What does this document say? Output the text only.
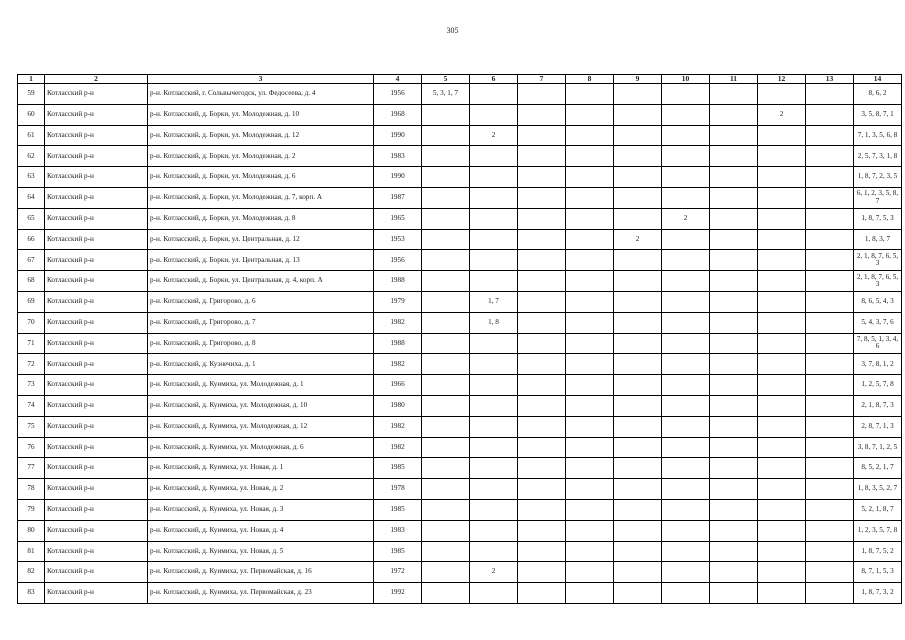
305
1	2	3	4	5	6	7	8	9	10	11	12	13	14
59	Котласский р-н	р-н. Котласский, г. Сольвычегодск, ул. Федосеева, д. 4	1956	5, 3, 1, 7									8, 6, 2
60	Котласский р-н	р-н. Котласский, д. Борки, ул. Молодежная, д. 10	1968								2		3, 5, 8, 7, 1
61	Котласский р-н	р-н. Котласский, д. Борки, ул. Молодежная, д. 12	1990		2								7, 1, 3, 5, 6, 8
62	Котласский р-н	р-н. Котласский, д. Борки, ул. Молодежная, д. 2	1983										2, 5, 7, 3, 1, 8
63	Котласский р-н	р-н. Котласский, д. Борки, ул. Молодежная, д. 6	1990										1, 8, 7, 2, 3, 5
64	Котласский р-н	р-н. Котласский, д. Борки, ул. Молодежная, д. 7, корп. А	1987										6, 1, 2, 3, 5, 8, 7
65	Котласский р-н	р-н. Котласский, д. Борки, ул. Молодежная, д. 8	1965						2				1, 8, 7, 5, 3
66	Котласский р-н	р-н. Котласский, д. Борки, ул. Центральная, д. 12	1953					2					1, 8, 3, 7
67	Котласский р-н	р-н. Котласский, д. Борки, ул. Центральная, д. 13	1956										2, 1, 8, 7, 6, 5, 3
68	Котласский р-н	р-н. Котласский, д. Борки, ул. Центральная, д. 4, корп. А	1988										2, 1, 8, 7, 6, 5, 3
69	Котласский р-н	р-н. Котласский, д. Григорово, д. 6	1979		1, 7								8, 6, 5, 4, 3
70	Котласский р-н	р-н. Котласский, д. Григорово, д. 7	1982		1, 8								5, 4, 3, 7, 6
71	Котласский р-н	р-н. Котласский, д. Григорово, д. 8	1988										7, 8, 5, 1, 3, 4, 6
72	Котласский р-н	р-н. Котласский, д. Кузнечиха, д. 1	1982										3, 7, 8, 1, 2
73	Котласский р-н	р-н. Котласский, д. Куимиха, ул. Молодежная, д. 1	1966										1, 2, 5, 7, 8
74	Котласский р-н	р-н. Котласский, д. Куимиха, ул. Молодежная, д. 10	1980										2, 1, 8, 7, 3
75	Котласский р-н	р-н. Котласский, д. Куимиха, ул. Молодежная, д. 12	1982										2, 8, 7, 1, 3
76	Котласский р-н	р-н. Котласский, д. Куимиха, ул. Молодежная, д. 6	1982										3, 8, 7, 1, 2, 5
77	Котласский р-н	р-н. Котласский, д. Куимиха, ул. Новая, д. 1	1985										8, 5, 2, 1, 7
78	Котласский р-н	р-н. Котласский, д. Куимиха, ул. Новая, д. 2	1978										1, 8, 3, 5, 2, 7
79	Котласский р-н	р-н. Котласский, д. Куимиха, ул. Новая, д. 3	1985										5, 2, 1, 8, 7
80	Котласский р-н	р-н. Котласский, д. Куимиха, ул. Новая, д. 4	1983										1, 2, 3, 5, 7, 8
81	Котласский р-н	р-н. Котласский, д. Куимиха, ул. Новая, д. 5	1985										1, 8, 7, 5, 2
82	Котласский р-н	р-н. Котласский, д. Куимиха, ул. Первомайская, д. 16	1972		2								8, 7, 1, 5, 3
83	Котласский р-н	р-н. Котласский, д. Куимиха, ул. Первомайская, д. 23	1992										1, 8, 7, 3, 2
